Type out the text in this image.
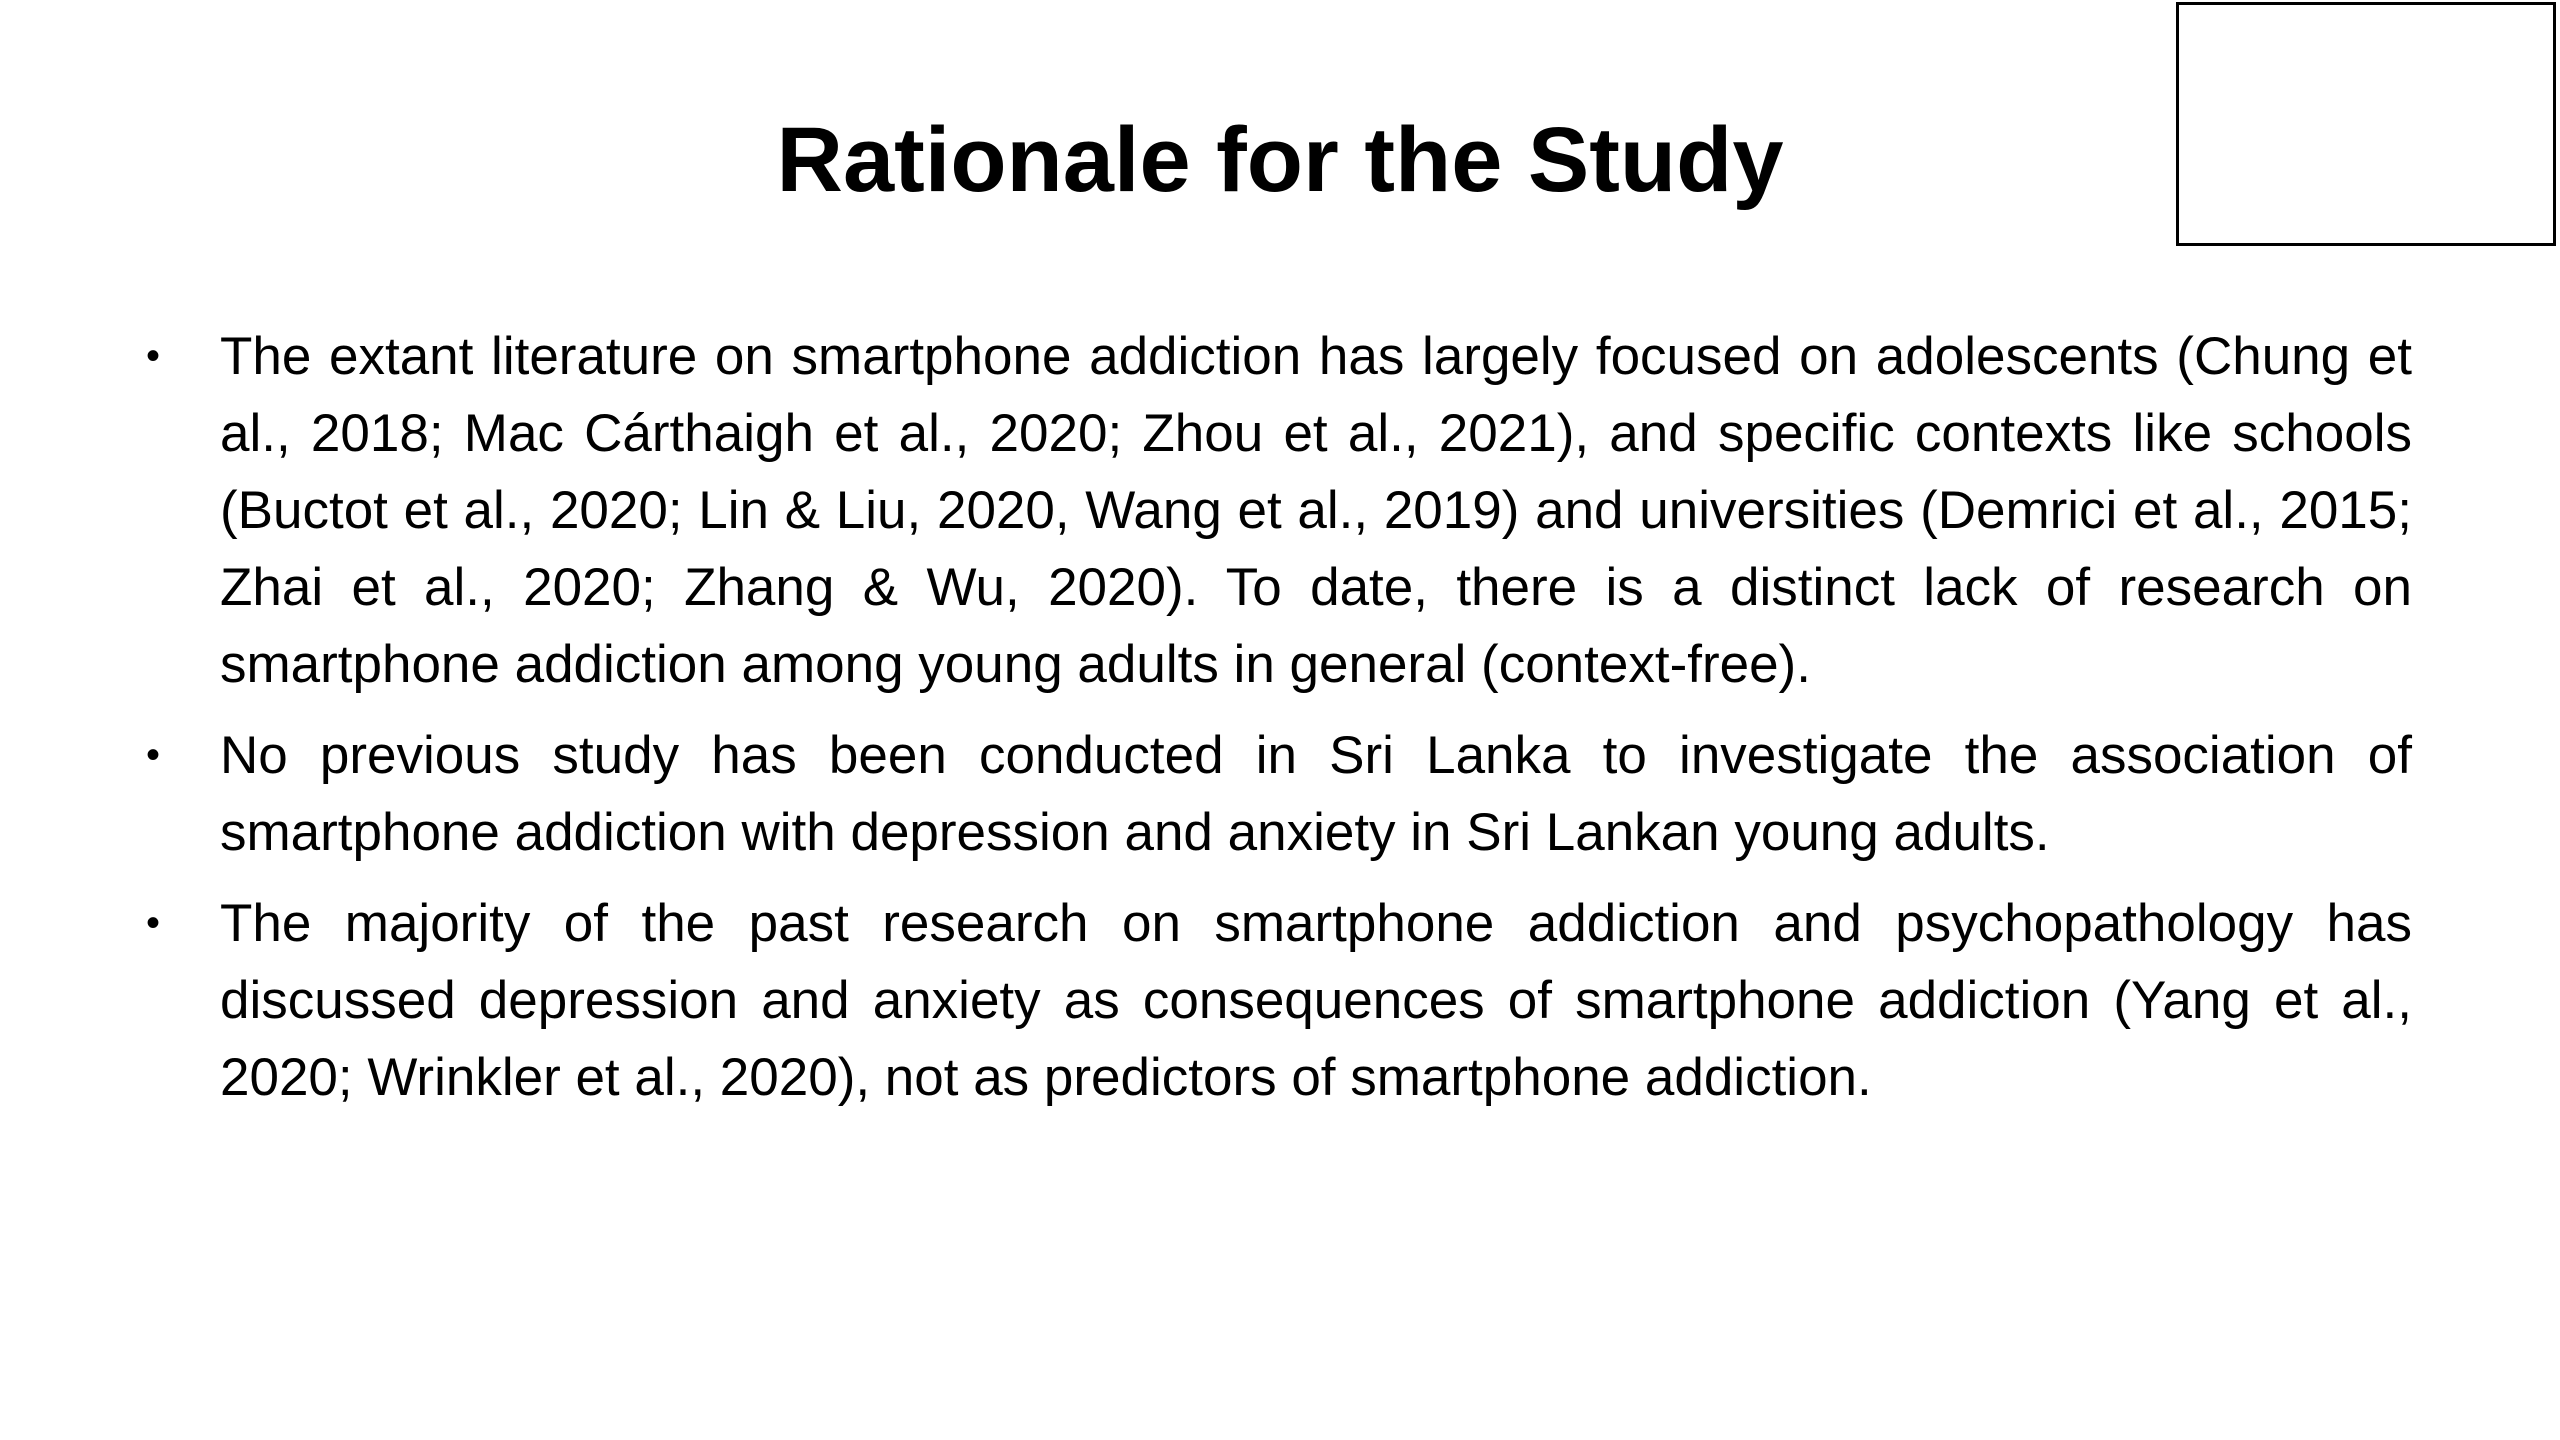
Rationale for the Study
• The extant literature on smartphone addiction has largely focused on adolescents (Chung et al., 2018; Mac Cárthaigh et al., 2020; Zhou et al., 2021), and specific contexts like schools (Buctot et al., 2020; Lin & Liu, 2020, Wang et al., 2019) and universities (Demrici et al., 2015; Zhai et al., 2020; Zhang & Wu, 2020). To date, there is a distinct lack of research on smartphone addiction among young adults in general (context-free).
• No previous study has been conducted in Sri Lanka to investigate the association of smartphone addiction with depression and anxiety in Sri Lankan young adults.
• The majority of the past research on smartphone addiction and psychopathology has discussed depression and anxiety as consequences of smartphone addiction (Yang et al., 2020; Wrinkler et al., 2020), not as predictors of smartphone addiction.
